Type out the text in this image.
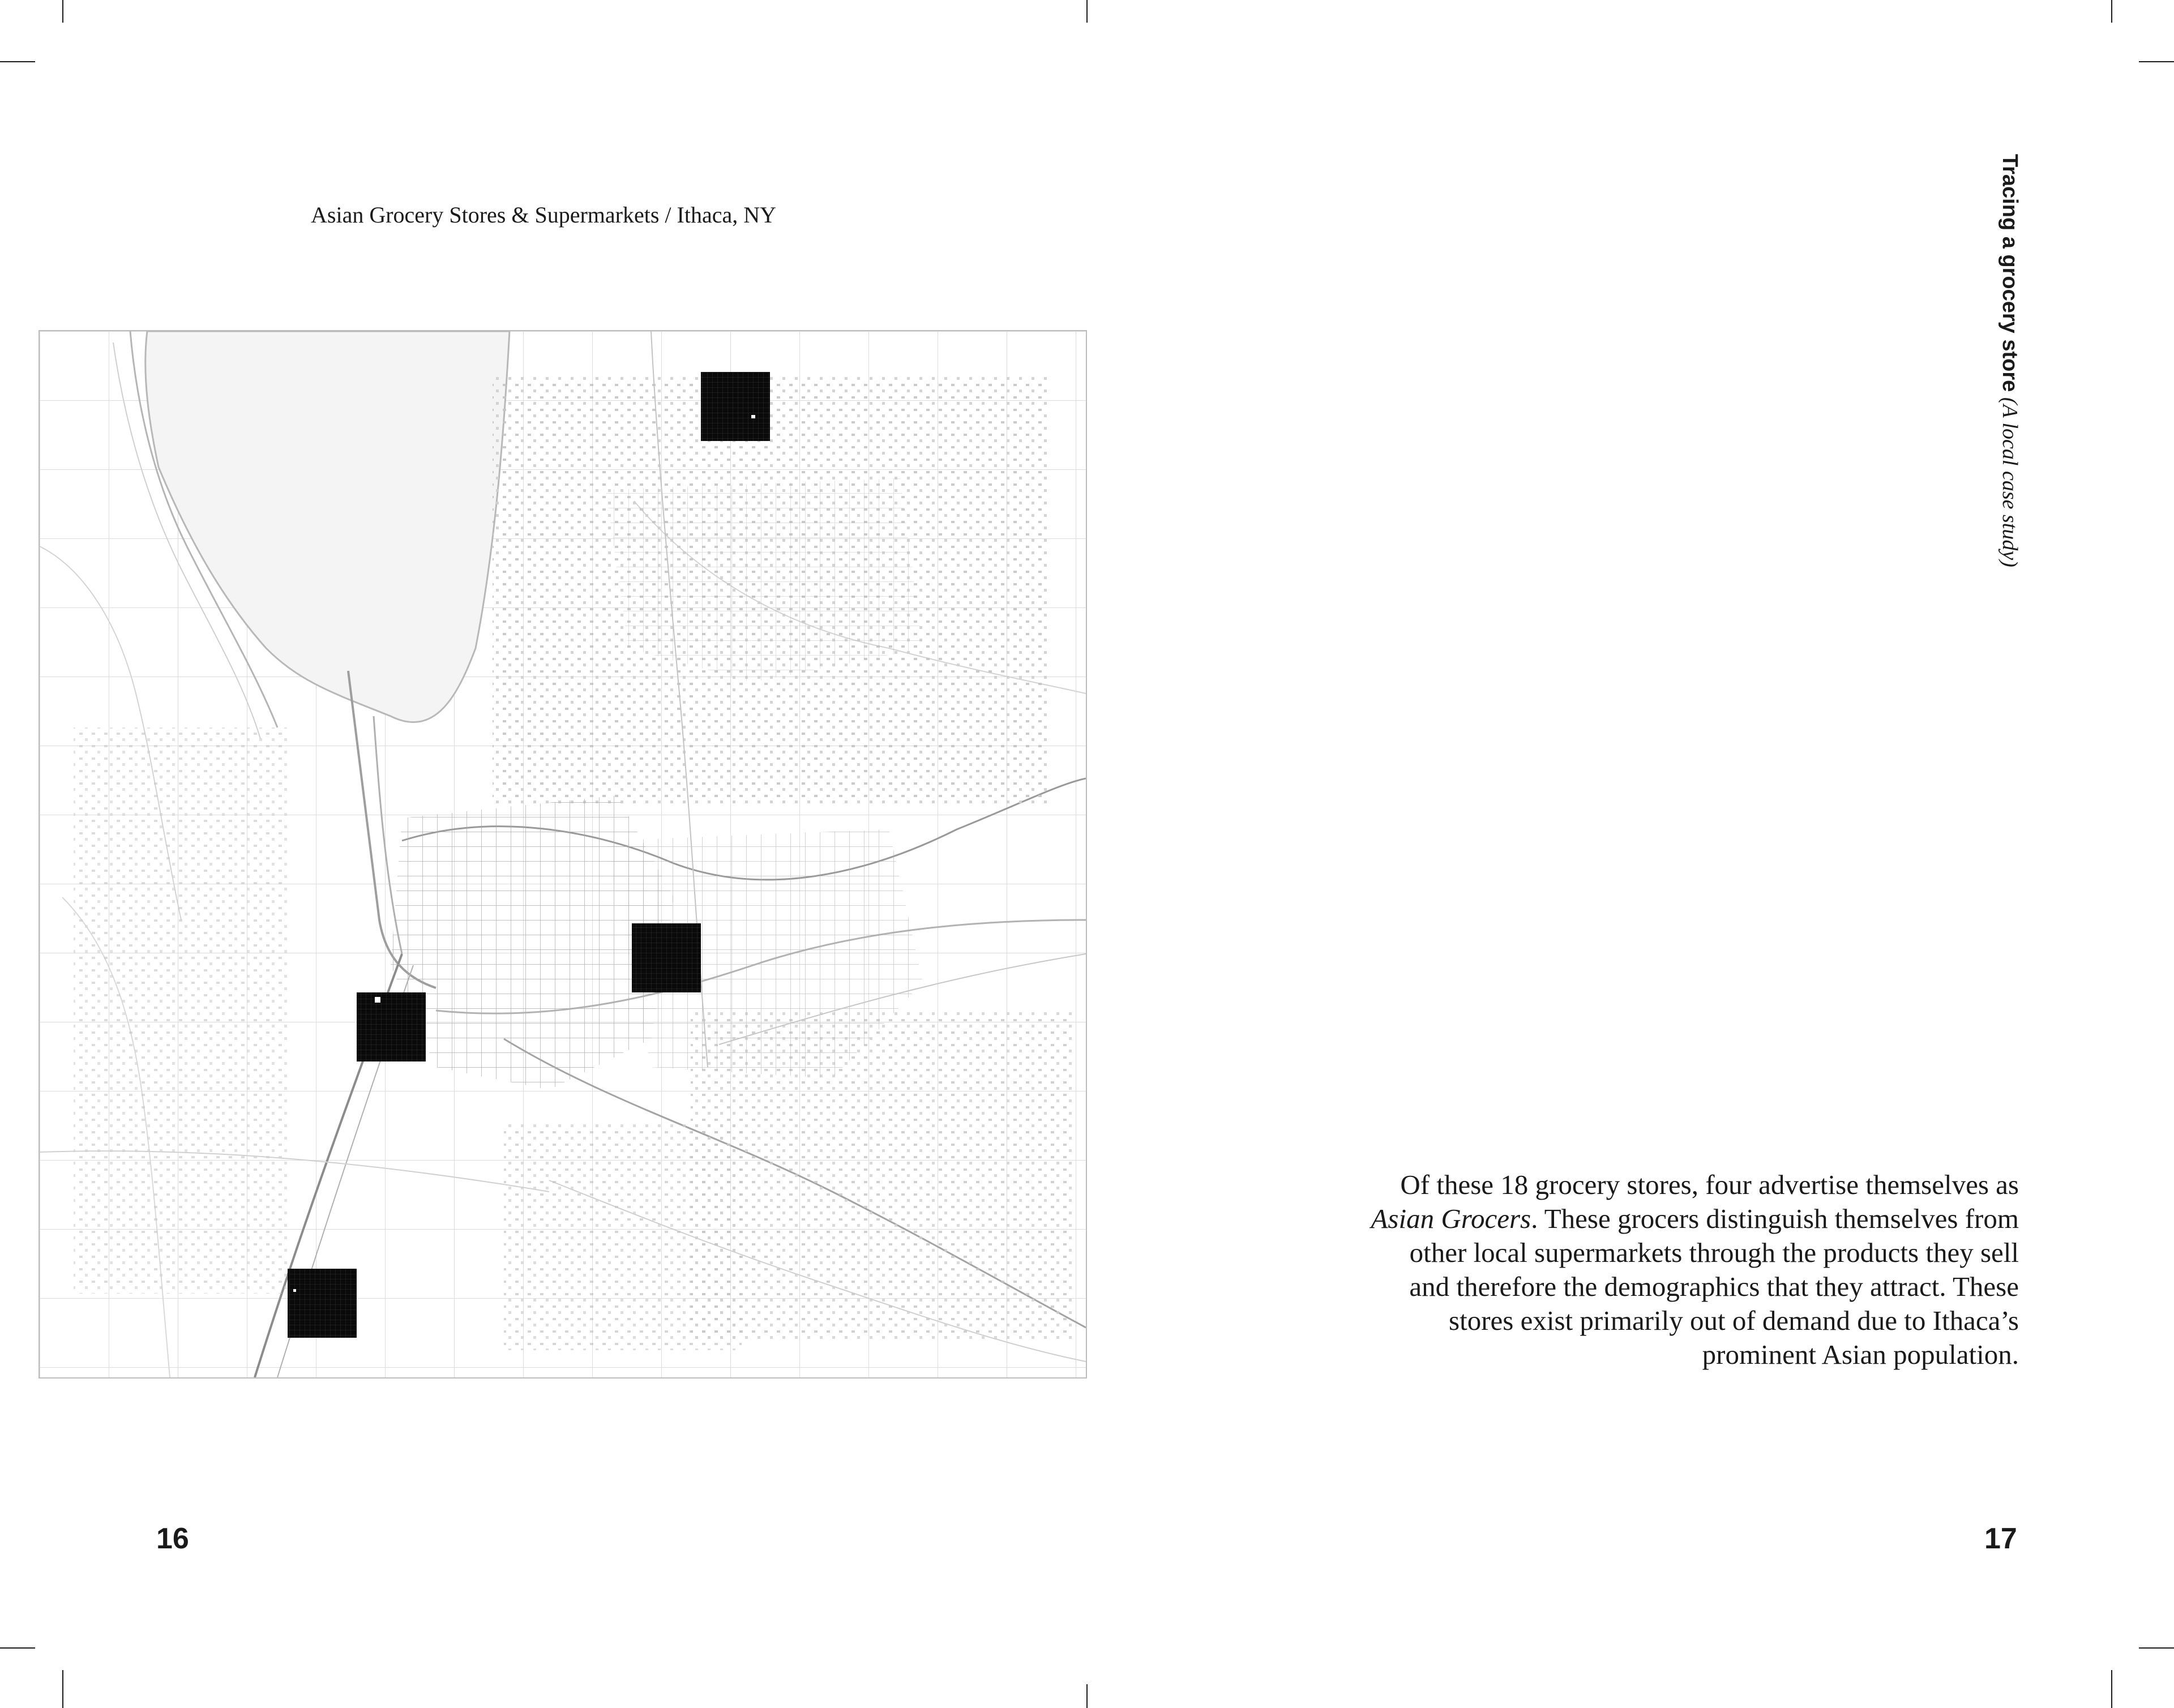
Asian Grocery Stores & Supermarkets / Ithaca, NY
16
Tracing a grocery store (A local case study)
Of these 18 grocery stores, four advertise themselves as
Asian Grocers. These grocers distinguish themselves from
other local supermarkets through the products they sell
and therefore the demographics that they attract. These
stores exist primarily out of demand due to Ithaca’s
prominent Asian population.
17
